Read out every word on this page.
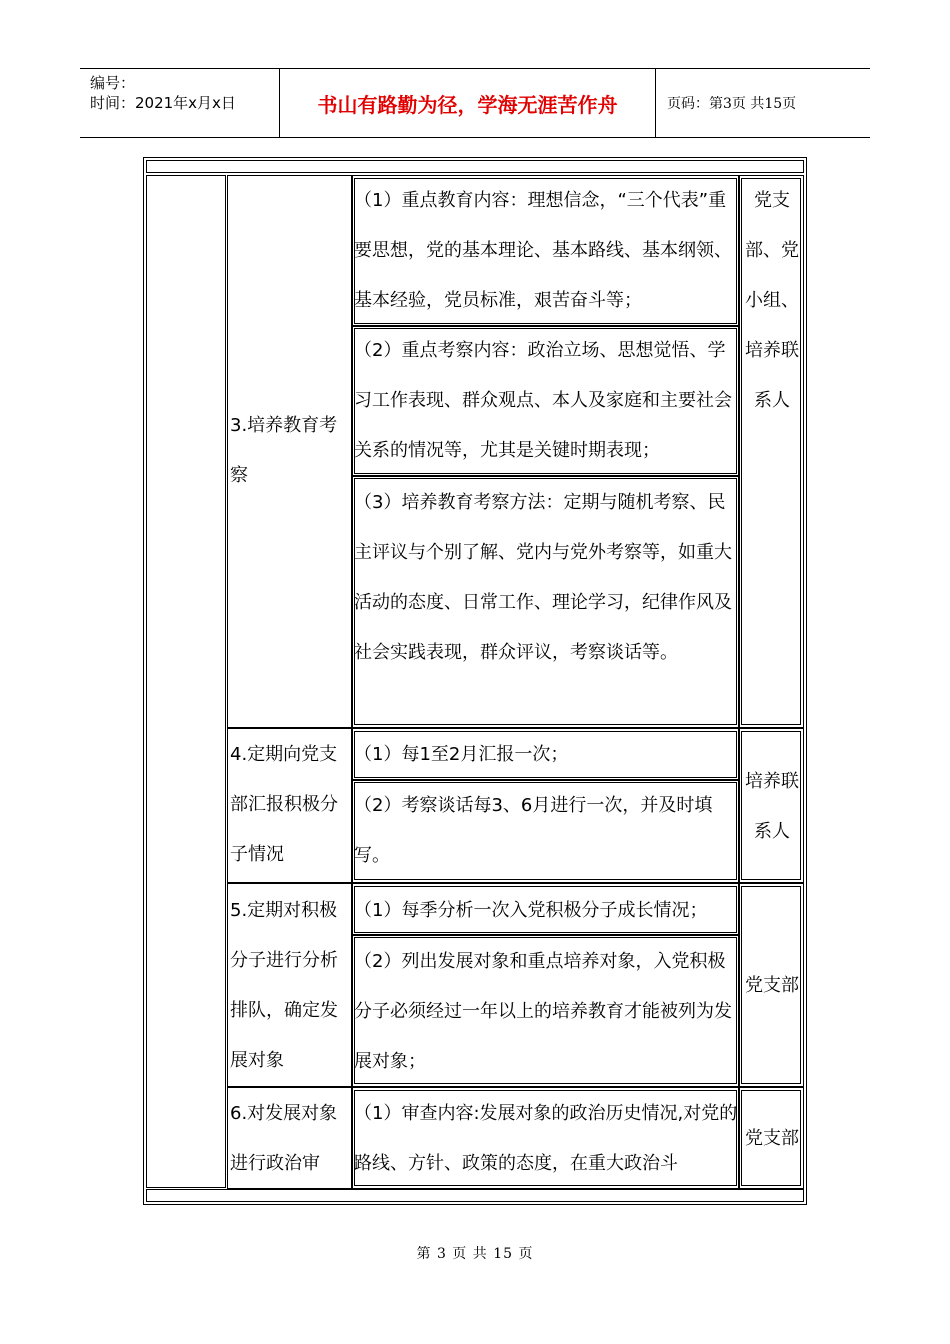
编号：
时间：2021年x月x日	书山有路勤为径，学海无涯苦作舟	页码：第3页 共15页
3.培养教育考察
（1）重点教育内容：理想信念，“三个代表”重要思想，党的基本理论、基本路线、基本纲领、基本经验，党员标准，艰苦奋斗等；
（2）重点考察内容：政治立场、思想觉悟、学习工作表现、群众观点、本人及家庭和主要社会关系的情况等，尤其是关键时期表现；
（3）培养教育考察方法：定期与随机考察、民主评议与个别了解、党内与党外考察等，如重大活动的态度、日常工作、理论学习，纪律作风及社会实践表现，群众评议，考察谈话等。
党支部、党小组、培养联系人
4.定期向党支部汇报积极分子情况
（1）每1至2月汇报一次；
（2）考察谈话每3、6月进行一次，并及时填写。
培养联系人
5.定期对积极分子进行分析排队，确定发展对象
（1）每季分析一次入党积极分子成长情况；
（2）列出发展对象和重点培养对象，入党积极分子必须经过一年以上的培养教育才能被列为发展对象；
党支部
6.对发展对象进行政治审
（1）审查内容:发展对象的政治历史情况,对党的路线、方针、政策的态度，在重大政治斗
党支部
第 3 页 共 15 页
